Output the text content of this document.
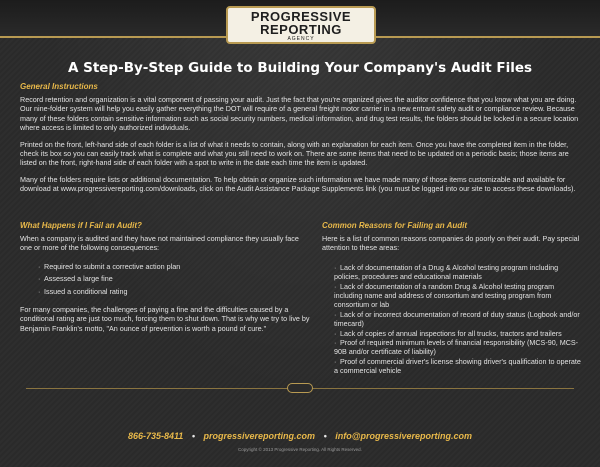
PROGRESSIVE
REPORTING
AGENCY
A Step-By-Step Guide to Building Your Company's Audit Files
General Instructions

Record retention and organization is a vital component of passing your audit. Just the fact that you're organized gives the auditor confidence that you know what you are doing. Our nine-folder system will help you easily gather everything the DOT will require of a general freight motor carrier in a new entrant safety audit or compliance review. Because many of these folders contain sensitive information such as social security numbers, medical information, and drug test results, the folders should be locked in a secure location where access is limited to only authorized individuals.

Printed on the front, left-hand side of each folder is a list of what it needs to contain, along with an explanation for each item. Once you have the completed item in the folder, check its box so you can easily track what is complete and what you still need to work on. There are some items that need to be updated on a periodic basis; those items are listed on the front, right-hand side of each folder with a spot to write in the date each time the item is updated.

Many of the folders require lists or additional documentation. To help obtain or organize such information we have made many of those items customizable and available for download at www.progressivereporting.com/downloads, click on the Audit Assistance Package Supplements link (you must be logged into our site to access these downloads).

What Happens if I Fail an Audit?

When a company is audited and they have not maintained compliance they usually face one or more of the following consequences:

· Required to submit a corrective action plan
· Assessed a large fine
· Issued a conditional rating

For many companies, the challenges of paying a fine and the difficulties caused by a conditional rating are just too much, forcing them to shut down. That is why we try to live by Benjamin Franklin's motto, "An ounce of prevention is worth a pound of cure."

Common Reasons for Failing an Audit

Here is a list of common reasons companies do poorly on their audit. Pay special attention to these areas:

· Lack of documentation of a Drug & Alcohol testing program including policies, procedures and educational materials
· Lack of documentation of a random Drug & Alcohol testing program including name and address of consortium and testing program from consortium or lab
· Lack of or incorrect documentation of record of duty status (Logbook and/or timecard)
· Lack of copies of annual inspections for all trucks, tractors and trailers
· Proof of required minimum levels of financial responsibility (MCS-90, MCS-90B and/or certificate of liability)
· Proof of commercial driver's license showing driver's qualification to operate a commercial vehicle
866-735-8411 • progressivereporting.com • info@progressivereporting.com
Copyright © 2013 Progressive Reporting. All Rights Reserved.
